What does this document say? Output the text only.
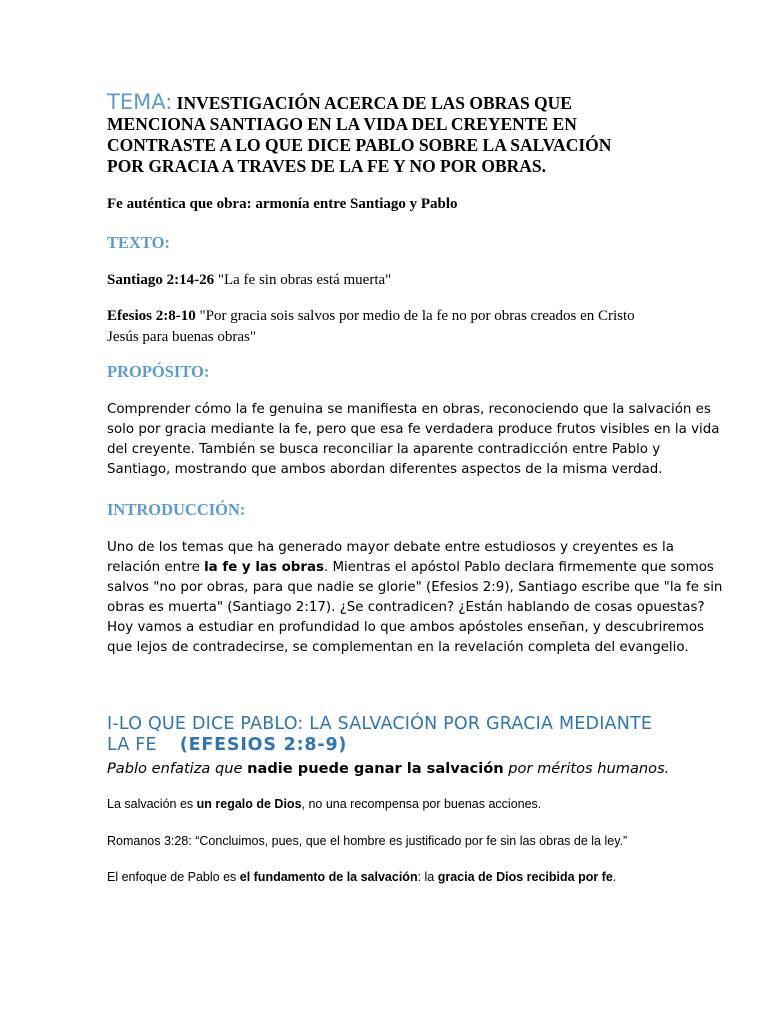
TEMA: INVESTIGACIÓN ACERCA DE LAS OBRAS QUE
MENCIONA SANTIAGO EN LA VIDA DEL CREYENTE EN
CONTRASTE A LO QUE DICE PABLO SOBRE LA SALVACIÓN
POR GRACIA A TRAVES DE LA FE Y NO POR OBRAS.

Fe auténtica que obra: armonía entre Santiago y Pablo

TEXTO:

Santiago 2:14-26 "La fe sin obras está muerta"

Efesios 2:8-10 "Por gracia sois salvos por medio de la fe no por obras creados en Cristo
Jesús para buenas obras"

PROPÓSITO:

Comprender cómo la fe genuina se manifiesta en obras, reconociendo que la salvación es
solo por gracia mediante la fe, pero que esa fe verdadera produce frutos visibles en la vida
del creyente. También se busca reconciliar la aparente contradicción entre Pablo y
Santiago, mostrando que ambos abordan diferentes aspectos de la misma verdad.

INTRODUCCIÓN:

Uno de los temas que ha generado mayor debate entre estudiosos y creyentes es la
relación entre la fe y las obras. Mientras el apóstol Pablo declara firmemente que somos
salvos "no por obras, para que nadie se glorie" (Efesios 2:9), Santiago escribe que "la fe sin
obras es muerta" (Santiago 2:17). ¿Se contradicen? ¿Están hablando de cosas opuestas?
Hoy vamos a estudiar en profundidad lo que ambos apóstoles enseñan, y descubriremos
que lejos de contradecirse, se complementan en la revelación completa del evangelio.

I-LO QUE DICE PABLO: LA SALVACIÓN POR GRACIA MEDIANTE
LA FE (EFESIOS 2:8-9)

Pablo enfatiza que nadie puede ganar la salvación por méritos humanos.

La salvación es un regalo de Dios, no una recompensa por buenas acciones.

Romanos 3:28: “Concluimos, pues, que el hombre es justificado por fe sin las obras de la ley.”

El enfoque de Pablo es el fundamento de la salvación: la gracia de Dios recibida por fe.
